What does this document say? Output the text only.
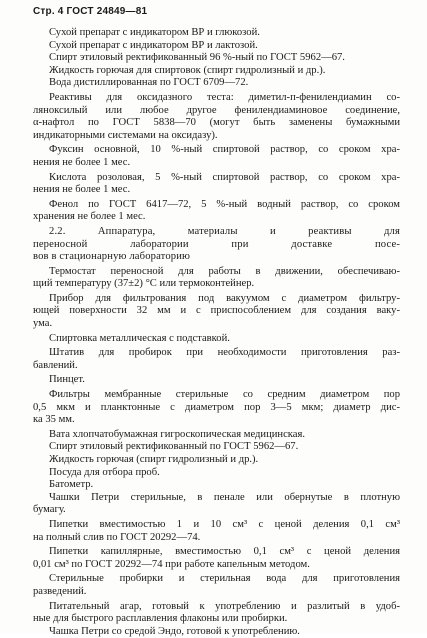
Стр. 4 ГОСТ 24849—81
Сухой препарат с индикатором ВР и глюкозой.
Сухой препарат с индикатором ВР и лактозой.
Спирт этиловый ректификованный 96 %-ный по ГОСТ 5962—67.
Жидкость горючая для спиртовок (спирт гидролизный и др.).
Вода дистиллированная по ГОСТ 6709—72.
Реактивы для оксидазного теста: диметил-п-фенилендиамин со-
ляноксилый или любое другое фенилендиаминовое соединение,
α-нафтол по ГОСТ 5838—70 (могут быть заменены бумажными
индикаторными системами на оксидазу).
Фуксин основной, 10 %-ный спиртовой раствор, со сроком хра-
нения не более 1 мес.
Кислота розоловая, 5 %-ный спиртовой раствор, со сроком хра-
нения не более 1 мес.
Фенол по ГОСТ 6417—72, 5 %-ный водный раствор, со сроком
хранения не более 1 мес.
2.2. Аппаратура, материалы и реактивы для
переносной лаборатории при доставке посе-
вов в стационарную лабораторию
Термостат переносной для работы в движении, обеспечиваю-
щий температуру (37±2) °С или термоконтейнер.
Прибор для фильтрования под вакуумом с диаметром фильтру-
ющей поверхности 32 мм и с приспособлением для создания ваку-
ума.
Спиртовка металлическая с подставкой.
Штатив для пробирок при необходимости приготовления раз-
бавлений.
Пинцет.
Фильтры мембранные стерильные со средним диаметром пор
0,5 мкм и планктонные с диаметром пор 3—5 мкм; диаметр дис-
ка 35 мм.
Вата хлопчатобумажная гигроскопическая медицинская.
Спирт этиловый ректификованный по ГОСТ 5962—67.
Жидкость горючая (спирт гидролизный и др.).
Посуда для отбора проб.
Батометр.
Чашки Петри стерильные, в пенале или обернутые в плотную
бумагу.
Пипетки вместимостью 1 и 10 см³ с ценой деления 0,1 см³
на полный слив по ГОСТ 20292—74.
Пипетки капиллярные, вместимостью 0,1 см³ с ценой деления
0,01 см³ по ГОСТ 20292—74 при работе капельным методом.
Стерильные пробирки и стерильная вода для приготовления
разведений.
Питательный агар, готовый к употреблению и разлитый в удоб-
ные для быстрого расплавления флаконы или пробирки.
Чашка Петри со средой Эндо, готовой к употреблению.
